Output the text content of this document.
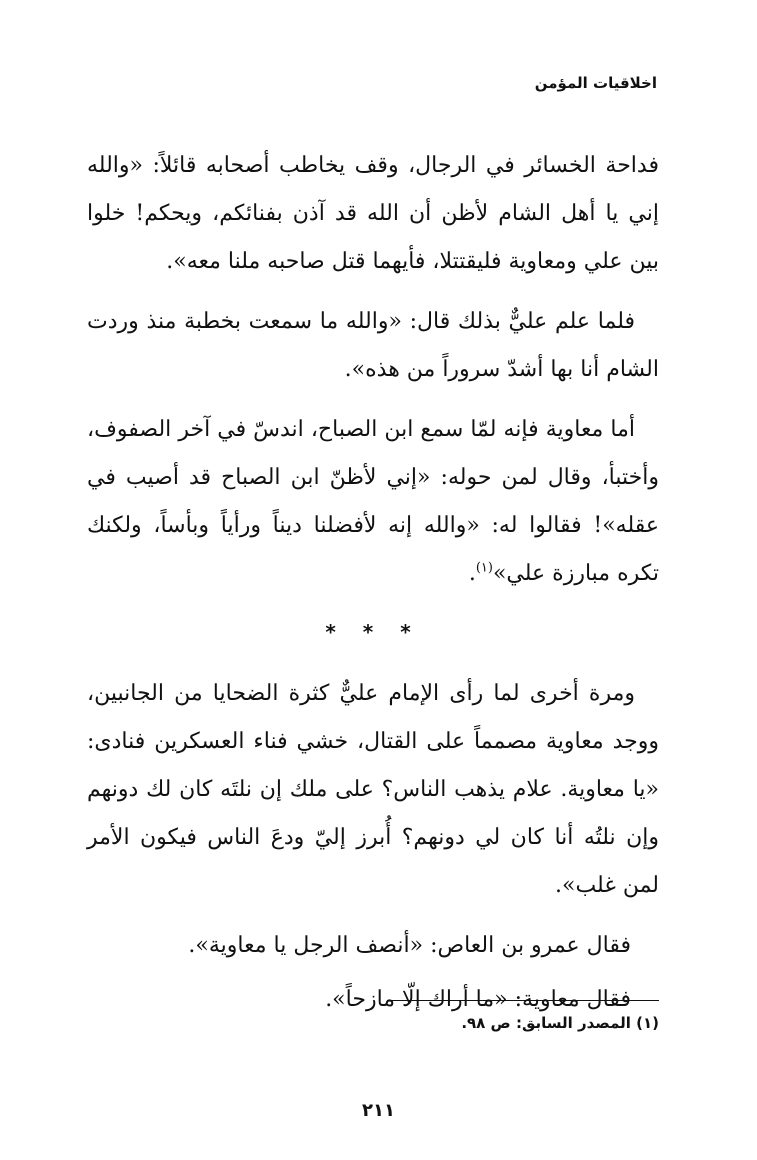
اخلاقيات المؤمن

فداحة الخسائر في الرجال، وقف يخاطب أصحابه قائلاً: «والله إني يا أهل الشام لأظن أن الله قد آذن بفنائكم، ويحكم! خلوا بين علي ومعاوية فليقتتلا، فأيهما قتل صاحبه ملنا معه».

فلما علم عليٌّ بذلك قال: «والله ما سمعت بخطبة منذ وردت الشام أنا بها أشدّ سروراً من هذه».

أما معاوية فإنه لمّا سمع ابن الصباح، اندسّ في آخر الصفوف، وأختبأ، وقال لمن حوله: «إني لأظنّ ابن الصباح قد أصيب في عقله»! فقالوا له: «والله إنه لأفضلنا ديناً ورأياً وبأساً، ولكنك تكره مبارزة علي»$^{(١)}$.

* * *

ومرة أخرى لما رأى الإمام عليٌّ كثرة الضحايا من الجانبين، ووجد معاوية مصمماً على القتال، خشي فناء العسكرين فنادى: «يا معاوية. علام يذهب الناس؟ على ملك إن نلتَه كان لك دونهم وإن نلتُه أنا كان لي دونهم؟ أُبرز إليّ ودعَ الناس فيكون الأمر لمن غلب».

فقال عمرو بن العاص: «أنصف الرجل يا معاوية».

فقال معاوية: «ما أراك إلّا مازحاً».

(١) المصدر السابق: ص ٩٨.
٢١١
